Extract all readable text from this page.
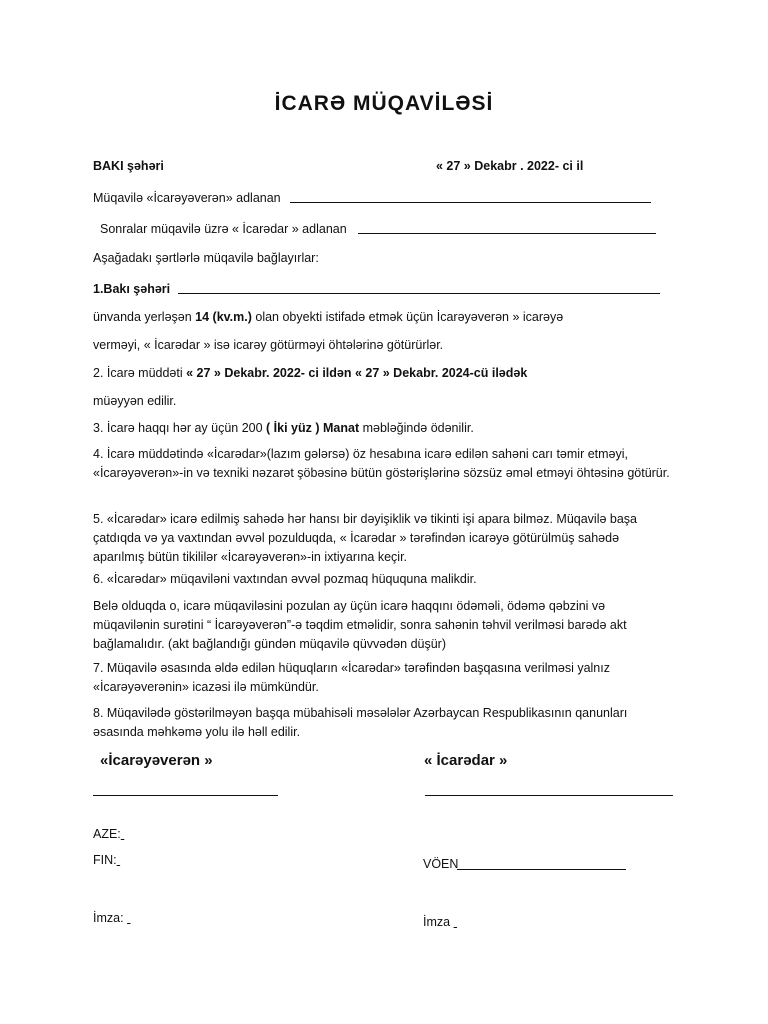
İCARƏ MÜQAVİLƏSİ
BAKI şəhəri	« 27 » Dekabr . 2022- ci il
Müqavilə «İcarəyəverən» adlanan
Sonralar müqavilə üzrə « İcarədar » adlanan
Aşağadakı şərtlərlə müqavilə bağlayırlar:
1.Bakı şəhəri
ünvanda yerləşən 14 (kv.m.) olan obyekti istifadə etmək üçün İcarəyəverən » icarəyə
verməyi, « İcarədar » isə icarəy götürməyi öhtələrinə götürürlər.
2. İcarə müddəti « 27 » Dekabr. 2022- ci ildən « 27 » Dekabr. 2024-cü ilədək
müəyyən edilir.
3. İcarə haqqı hər ay üçün 200 ( İki yüz ) Manat məbləğində ödənilir.
4. İcarə müddətində «İcarədar»(lazım gələrsə) öz hesabına icarə edilən sahəni carı təmir etməyi, «İcarəyəverən»-in və texniki nəzarət şöbəsinə bütün göstərişlərinə sözsüz əməl etməyi öhtəsinə götürür.
5. «İcarədar» icarə edilmiş sahədə hər hansı bir dəyişiklik və tikinti işi apara bilməz. Müqavilə başa çatdıqda və ya vaxtından əvvəl pozulduqda, « İcarədar » tərəfindən icarəyə götürülmüş sahədə aparılmış bütün tikililər «İcarəyəverən»-in ixtiyarına keçir.
6. «İcarədar» müqaviləni vaxtından əvvəl pozmaq hüququna malikdir.
Belə olduqda o, icarə müqaviləsini pozulan ay üçün icarə haqqını ödəməli, ödəmə qəbzini və müqavilənin surətini “ İcarəyəverən”-ə təqdim etməlidir, sonra sahənin təhvil verilməsi barədə akt bağlamalıdır. (akt bağlandığı gündən müqavilə qüvvədən düşür)
7. Müqavilə əsasında əldə edilən hüquqların «İcarədar» tərəfindən başqasına verilməsi yalnız «İcarəyəverənin» icazəsi ilə mümkündür.
8. Müqavilədə göstərilməyən başqa mübahisəli məsələlər Azərbaycan Respublikasının qanunları əsasında məhkəmə yolu ilə həll edilir.
«İcarəyəverən »	« İcarədar »
AZE:
FIN:	VÖEN
İmza:	İmza
